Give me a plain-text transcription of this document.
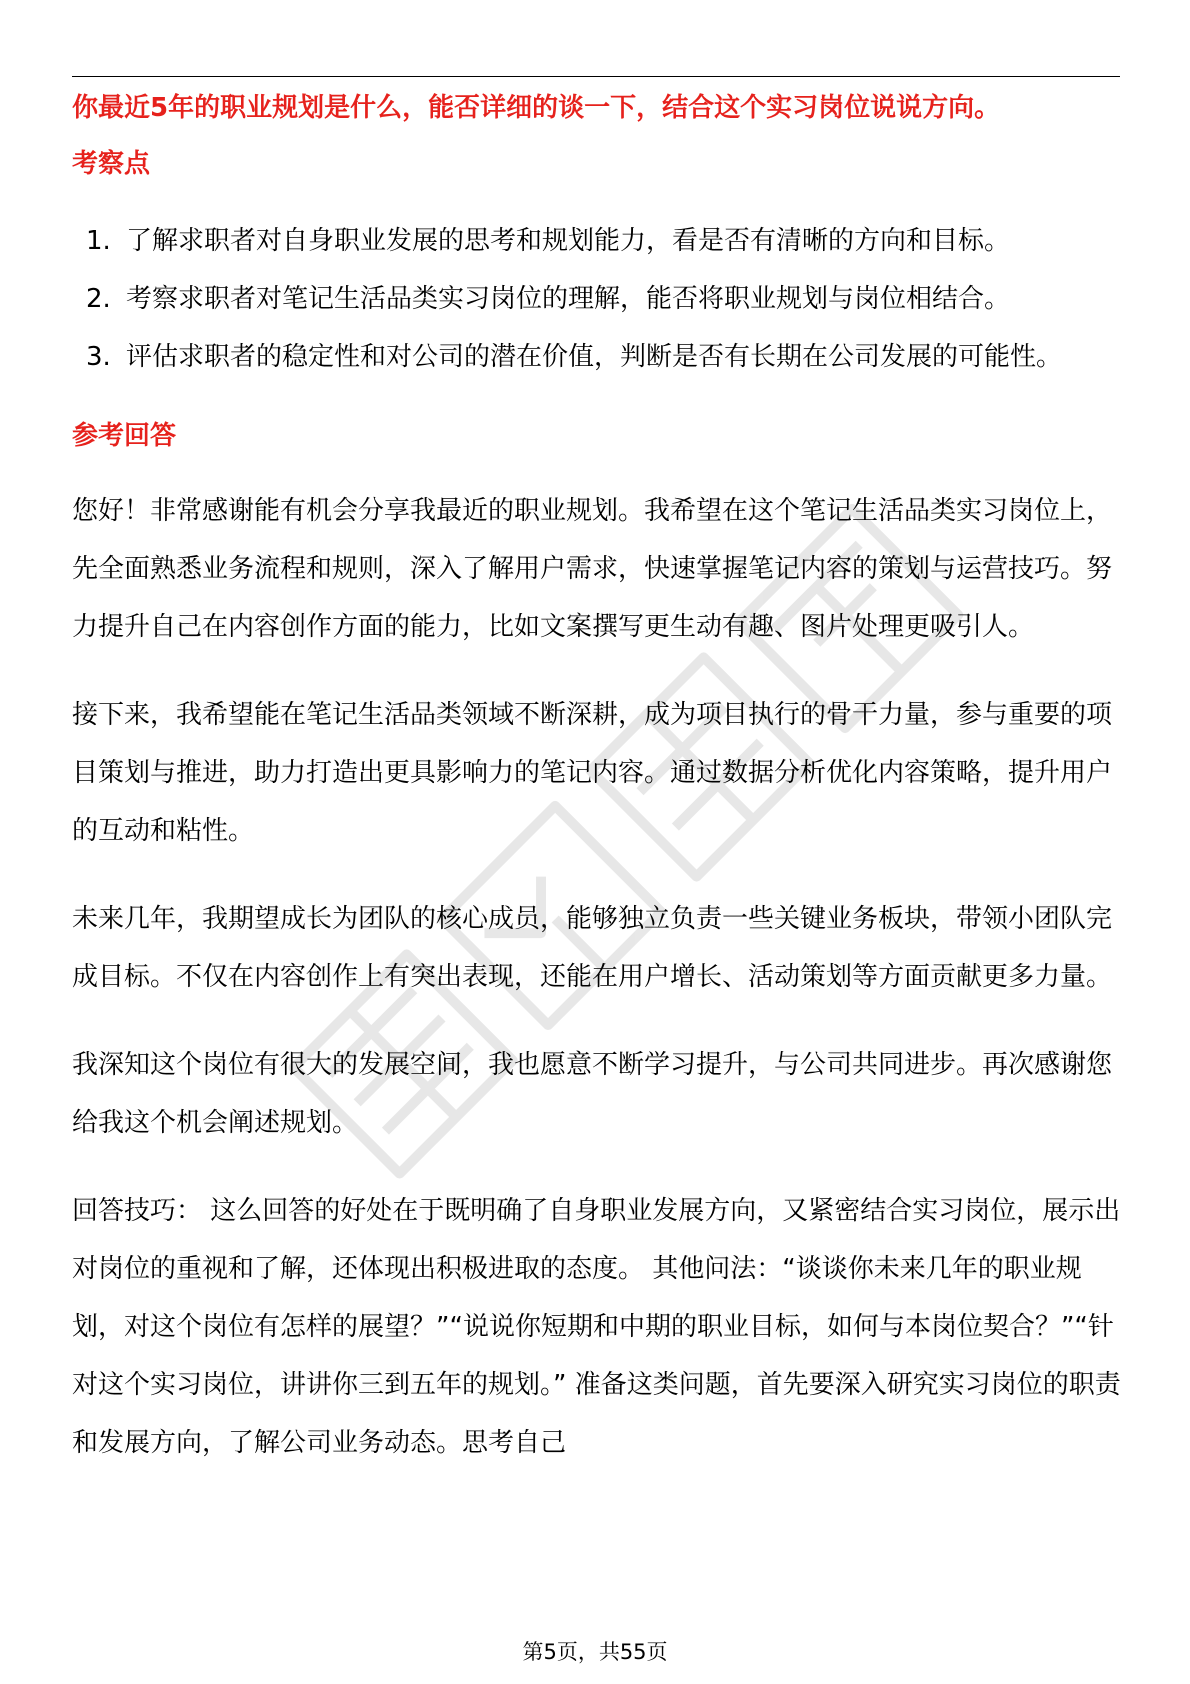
你最近5年的职业规划是什么，能否详细的谈一下，结合这个实习岗位说说方向。

考察点

1. 了解求职者对自身职业发展的思考和规划能力，看是否有清晰的方向和目标。
2. 考察求职者对笔记生活品类实习岗位的理解，能否将职业规划与岗位相结合。
3. 评估求职者的稳定性和对公司的潜在价值，判断是否有长期在公司发展的可能性。

参考回答

您好！非常感谢能有机会分享我最近的职业规划。我希望在这个笔记生活品类实习岗位上，先全面熟悉业务流程和规则，深入了解用户需求，快速掌握笔记内容的策划与运营技巧。努力提升自己在内容创作方面的能力，比如文案撰写更生动有趣、图片处理更吸引人。

接下来，我希望能在笔记生活品类领域不断深耕，成为项目执行的骨干力量，参与重要的项目策划与推进，助力打造出更具影响力的笔记内容。通过数据分析优化内容策略，提升用户的互动和粘性。

未来几年，我期望成长为团队的核心成员，能够独立负责一些关键业务板块，带领小团队完成目标。不仅在内容创作上有突出表现，还能在用户增长、活动策划等方面贡献更多力量。

我深知这个岗位有很大的发展空间，我也愿意不断学习提升，与公司共同进步。再次感谢您给我这个机会阐述规划。

回答技巧： 这么回答的好处在于既明确了自身职业发展方向，又紧密结合实习岗位，展示出对岗位的重视和了解，还体现出积极进取的态度。 其他问法：“谈谈你未来几年的职业规划，对这个岗位有怎样的展望？”“说说你短期和中期的职业目标，如何与本岗位契合？”“针对这个实习岗位，讲讲你三到五年的规划。” 准备这类问题，首先要深入研究实习岗位的职责和发展方向，了解公司业务动态。思考自己

第5页，共55页
